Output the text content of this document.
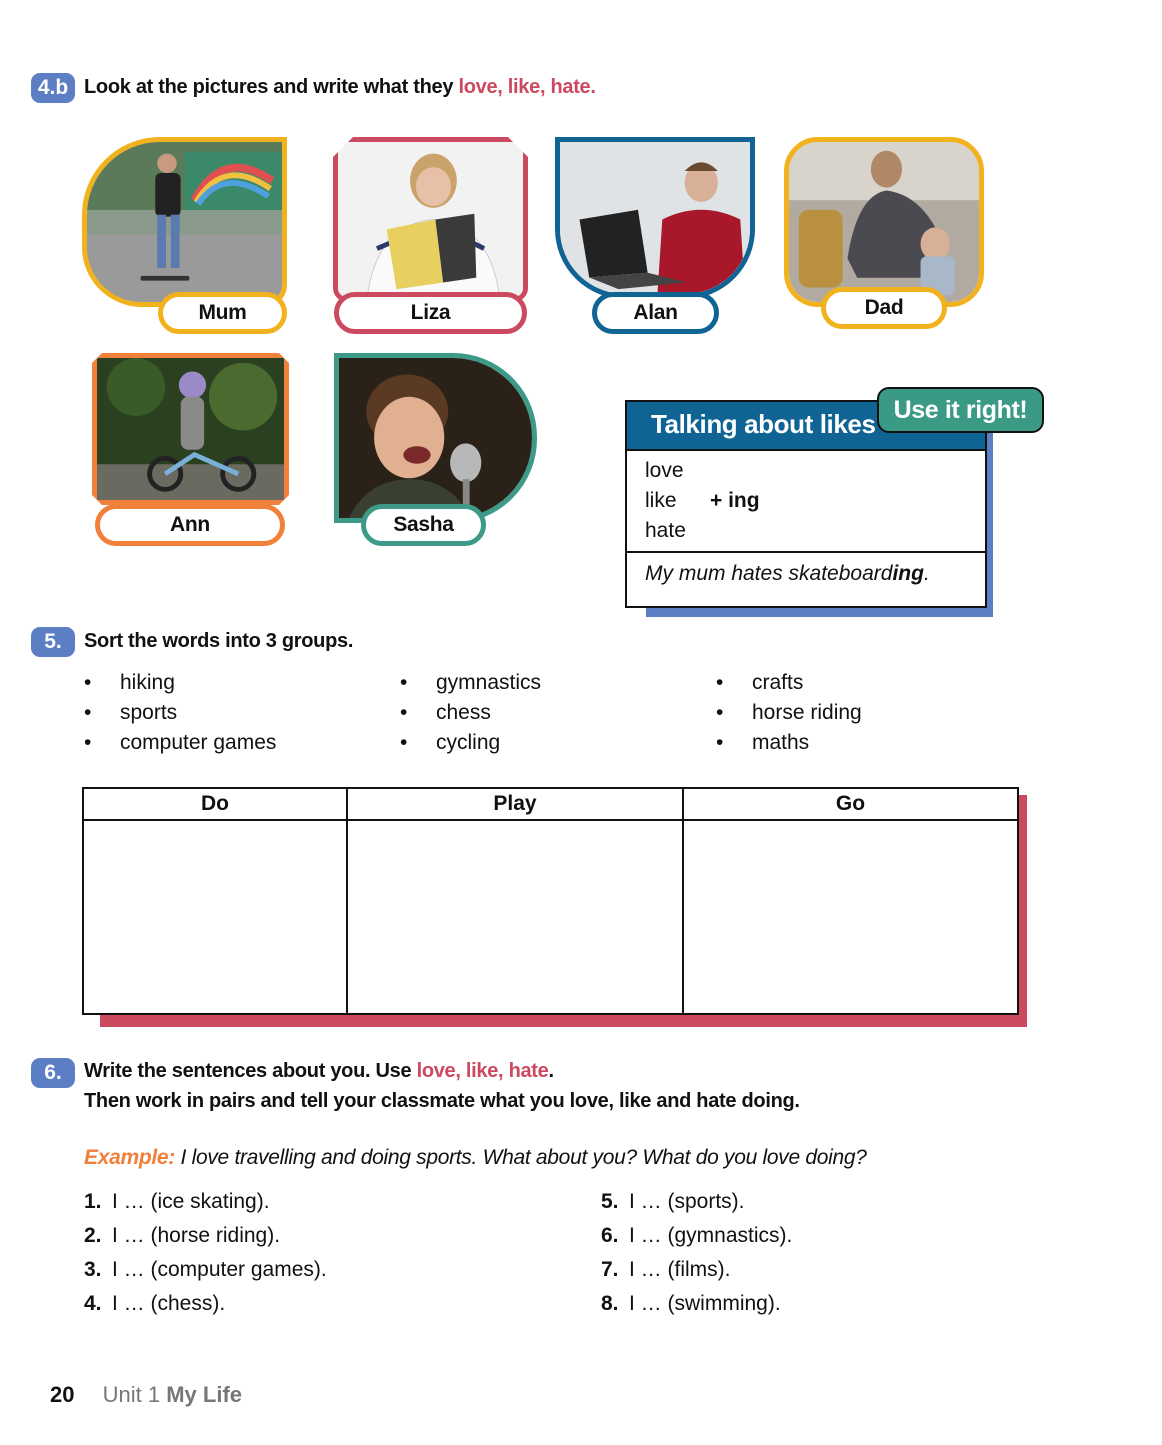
4.b Look at the pictures and write what they love, like, hate.
Mum	Liza	Alan	Dad
Ann	Sasha
Talking about likes
love
like
hate
+ ing
My mum hates skateboarding.
Use it right!
5.	Sort the words into 3 groups.
• hiking
• sports
• computer games
• gymnastics
• chess
• cycling
• crafts
• horse riding
• maths
Do	Play	Go

6.	Write the sentences about you. Use love, like, hate.
Then work in pairs and tell your classmate what you love, like and hate doing.
Example: I love travelling and doing sports. What about you? What do you love doing?
1. I … (ice skating).
2. I … (horse riding).
3. I … (computer games).
4. I … (chess).
5. I … (sports).
6. I … (gymnastics).
7. I … (films).
8. I … (swimming).
20 Unit 1 My Life
